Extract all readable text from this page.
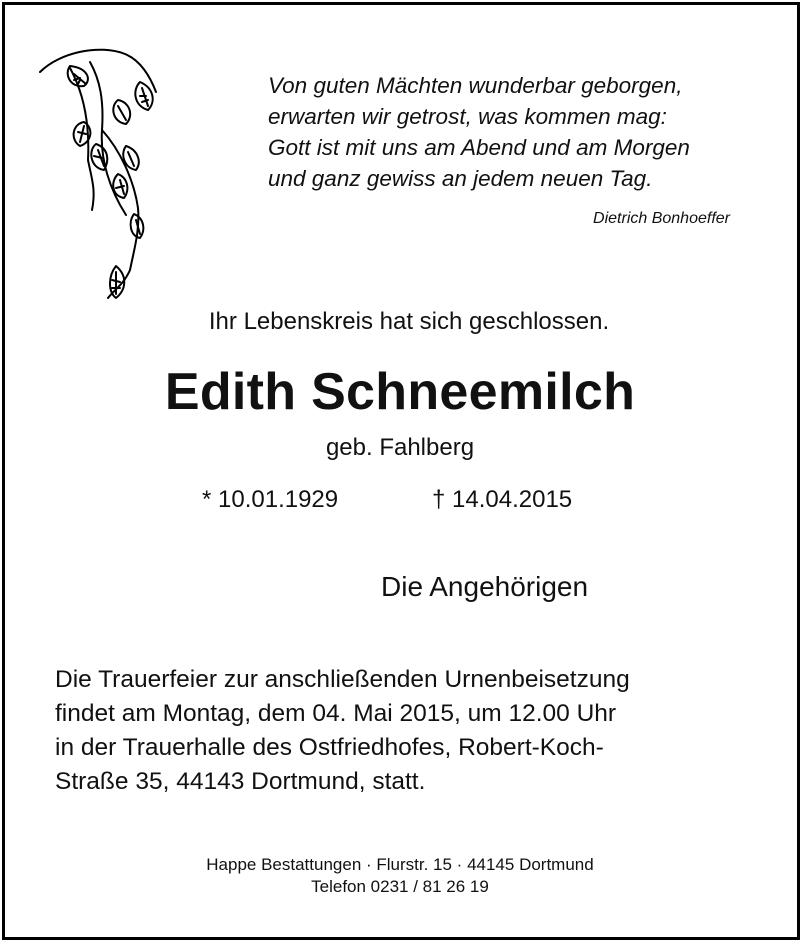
Von guten Mächten wunderbar geborgen,
erwarten wir getrost, was kommen mag:
Gott ist mit uns am Abend und am Morgen
und ganz gewiss an jedem neuen Tag.
Dietrich Bonhoeffer
Ihr Lebenskreis hat sich geschlossen.
Edith Schneemilch
geb. Fahlberg
* 10.01.1929	† 14.04.2015
Die Angehörigen
Die Trauerfeier zur anschließenden Urnenbeisetzung
findet am Montag, dem 04. Mai 2015, um 12.00 Uhr
in der Trauerhalle des Ostfriedhofes, Robert-Koch-
Straße 35, 44143 Dortmund, statt.
Happe Bestattungen · Flurstr. 15 · 44145 Dortmund
Telefon 0231 / 81 26 19
